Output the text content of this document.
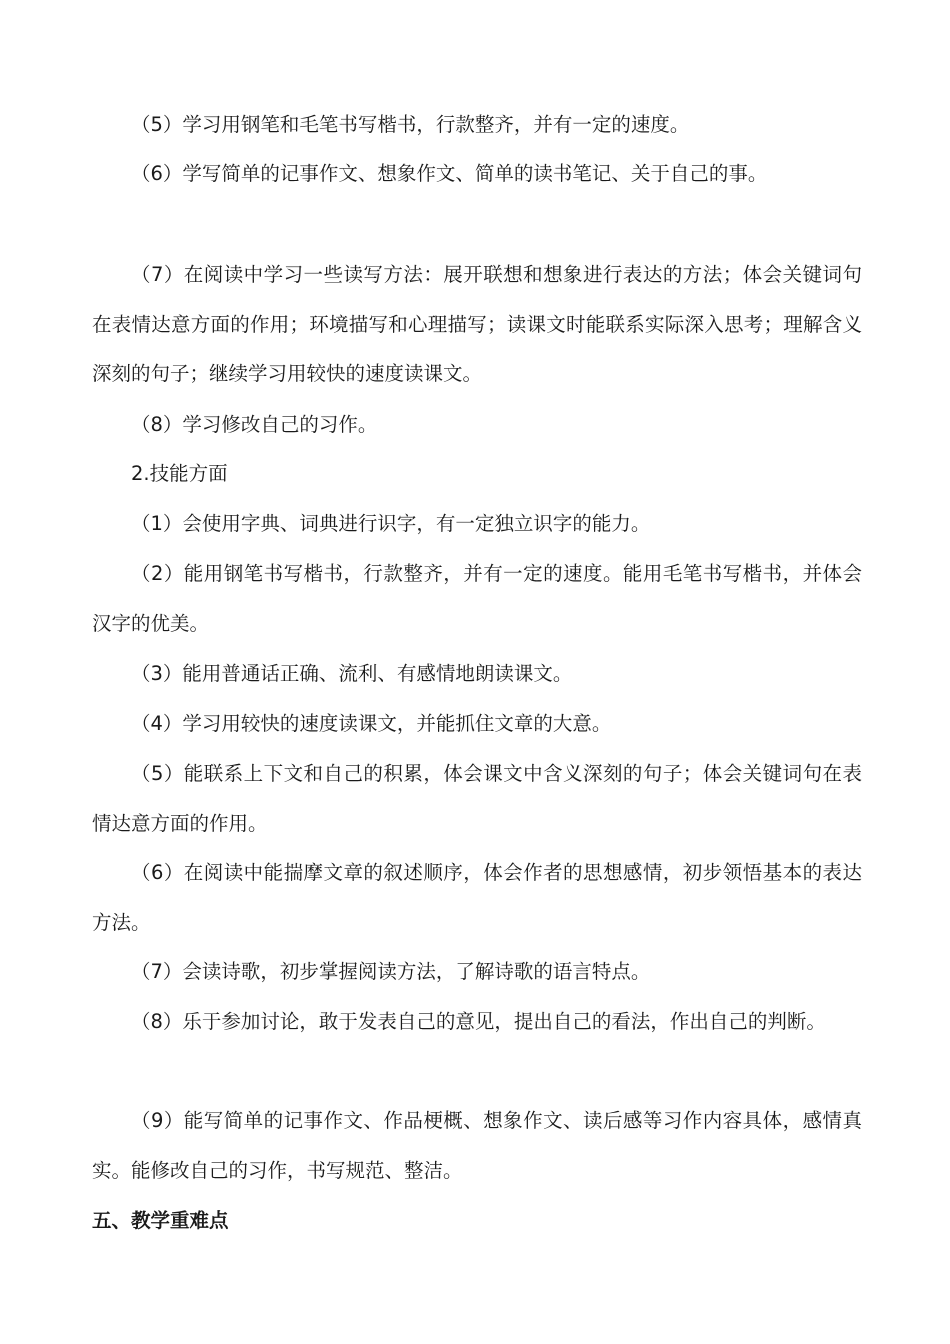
（5）学习用钢笔和毛笔书写楷书，行款整齐，并有一定的速度。

（6）学写简单的记事作文、想象作文、简单的读书笔记、关于自己的事。

（7）在阅读中学习一些读写方法：展开联想和想象进行表达的方法；体会关键词句在表情达意方面的作用；环境描写和心理描写；读课文时能联系实际深入思考；理解含义深刻的句子；继续学习用较快的速度读课文。

（8）学习修改自己的习作。

2.技能方面

（1）会使用字典、词典进行识字，有一定独立识字的能力。

（2）能用钢笔书写楷书，行款整齐，并有一定的速度。能用毛笔书写楷书，并体会汉字的优美。

（3）能用普通话正确、流利、有感情地朗读课文。

（4）学习用较快的速度读课文，并能抓住文章的大意。

（5）能联系上下文和自己的积累，体会课文中含义深刻的句子；体会关键词句在表情达意方面的作用。

（6）在阅读中能揣摩文章的叙述顺序，体会作者的思想感情，初步领悟基本的表达方法。

（7）会读诗歌，初步掌握阅读方法，了解诗歌的语言特点。

（8）乐于参加讨论，敢于发表自己的意见，提出自己的看法，作出自己的判断。

（9）能写简单的记事作文、作品梗概、想象作文、读后感等习作内容具体，感情真实。能修改自己的习作，书写规范、整洁。

五、教学重难点
